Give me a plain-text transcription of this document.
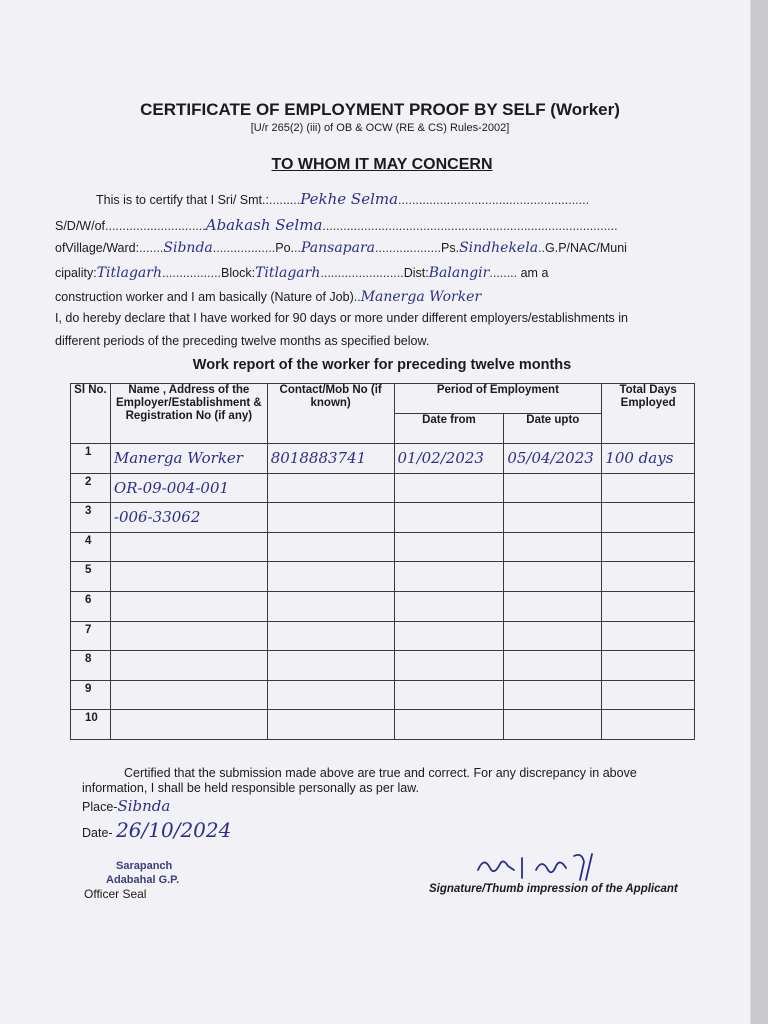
CERTIFICATE OF EMPLOYMENT PROOF BY SELF (Worker)
[U/r 265(2) (iii) of OB & OCW (RE & CS) Rules-2002]
TO WHOM IT MAY CONCERN
This is to certify that I Sri/ Smt.:.........Pekhe Selma.......................................................
S/D/W/of.............................Abakash Selma.....................................................................................
ofVillage/Ward:.......Sibnda..................Po...Pansapara...................Ps.Sindhekela..G.P/NAC/Muni
cipality:Titlagarh.................Block:Titlagarh........................Dist:Balangir........ am a
construction worker and I am basically (Nature of Job)..Manerga Worker
I, do hereby declare that I have worked for 90 days or more under different employers/establishments in
different periods of the preceding twelve months as specified below.
Work report of the worker for preceding twelve months
Sl No.	Name , Address of the Employer/Establishment & Registration No (if any)	Contact/Mob No (if known)	Period of Employment		Total Days Employed
			Date from	Date upto	
1	Manerga Worker	8018883741	01/02/2023	05/04/2023	100 days
2	OR-09-004-001				
3	-006-33062				
4					
5					
6					
7					
8					
9					
10					
Certified that the submission made above are true and correct. For any discrepancy in above
information, I shall be held responsible personally as per law.
Place-Sibnda
Date- 26/10/2024
Sarapanch
Adabahal G.P.
Officer Seal	Signature/Thumb impression of the Applicant
